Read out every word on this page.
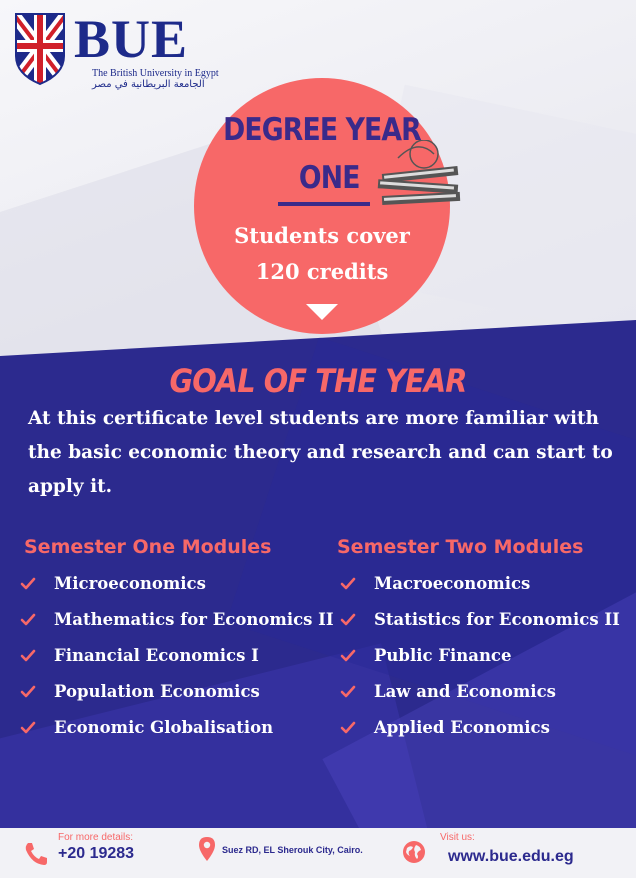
BUE
The British University in Egypt
الجامعة البريطانية في مصر
DEGREE YEAR
ONE
Students cover 120 credits
GOAL OF THE YEAR
At this certificate level students are more familiar with the basic economic theory and research and can start to apply it.
Semester One Modules	Semester Two Modules
Microeconomics
Mathematics for Economics II
Financial Economics I
Population Economics
Economic Globalisation
Macroeconomics
Statistics for Economics II
Public Finance
Law and Economics
Applied Economics
For more details:
+20 19283	Suez RD, EL Sherouk City, Cairo.
Visit us:
www.bue.edu.eg
